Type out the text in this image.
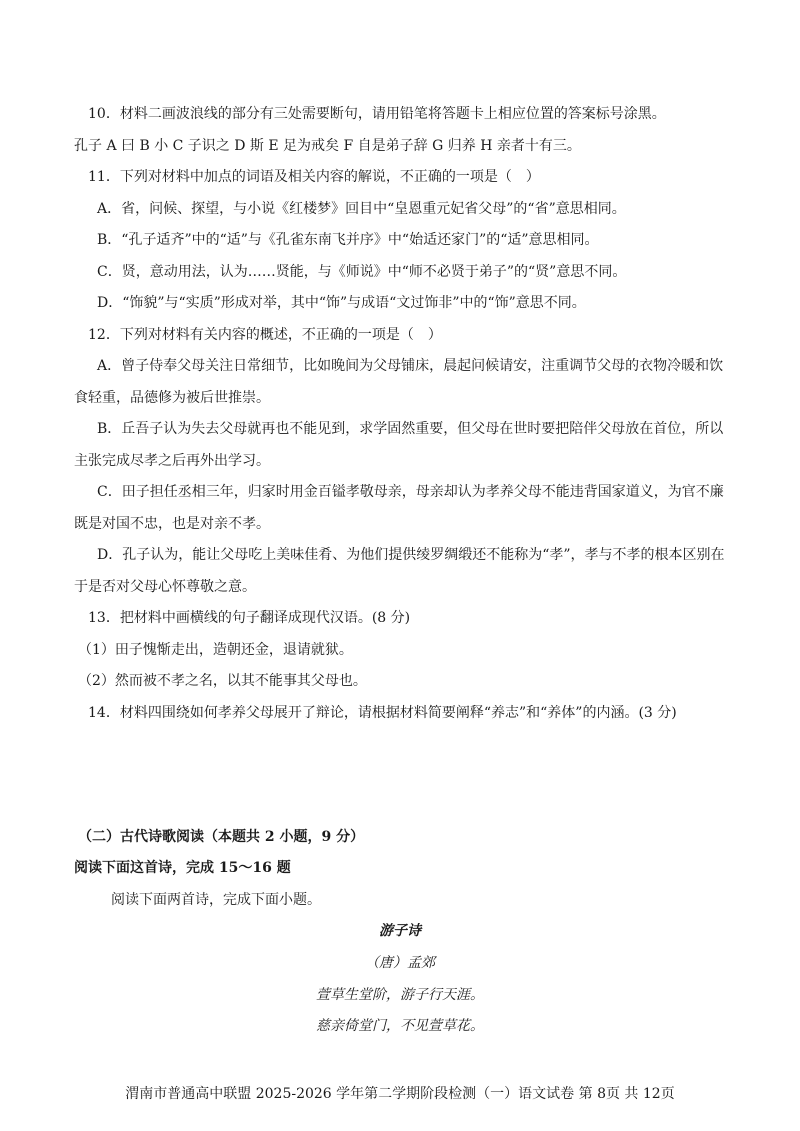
10．材料二画波浪线的部分有三处需要断句，请用铅笔将答题卡上相应位置的答案标号涂黑。
孔子 A 曰 B 小 C 子识之 D 斯 E 足为戒矣 F 自是弟子辞 G 归养 H 亲者十有三。
11．下列对材料中加点的词语及相关内容的解说，不正确的一项是（　）
A．省，问候、探望，与小说《红楼梦》回目中“皇恩重元妃省父母”的“省”意思相同。
B．“孔子适齐”中的“适”与《孔雀东南飞并序》中“始适还家门”的“适”意思相同。
C．贤，意动用法，认为……贤能，与《师说》中“师不必贤于弟子”的“贤”意思不同。
D．“饰貌”与“实质”形成对举，其中“饰”与成语“文过饰非”中的“饰”意思不同。
12．下列对材料有关内容的概述，不正确的一项是（　）
A．曾子侍奉父母关注日常细节，比如晚间为父母铺床，晨起问候请安，注重调节父母的衣物冷暖和饮
食轻重，品德修为被后世推崇。
B．丘吾子认为失去父母就再也不能见到，求学固然重要，但父母在世时要把陪伴父母放在首位，所以
主张完成尽孝之后再外出学习。
C．田子担任丞相三年，归家时用金百镒孝敬母亲，母亲却认为孝养父母不能违背国家道义，为官不廉
既是对国不忠，也是对亲不孝。
D．孔子认为，能让父母吃上美味佳肴、为他们提供绫罗绸缎还不能称为“孝”，孝与不孝的根本区别在
于是否对父母心怀尊敬之意。
13．把材料中画横线的句子翻译成现代汉语。(8 分)
（1）田子愧惭走出，造朝还金，退请就狱。
（2）然而被不孝之名，以其不能事其父母也。
14．材料四围绕如何孝养父母展开了辩论，请根据材料简要阐释“养志”和“养体”的内涵。(3 分)
（二）古代诗歌阅读（本题共 2 小题，9 分）
阅读下面这首诗，完成 15～16 题
阅读下面两首诗，完成下面小题。
游子诗
（唐）孟郊
萱草生堂阶，游子行天涯。
慈亲倚堂门，不见萱草花。
渭南市普通高中联盟 2025-2026 学年第二学期阶段检测（一）语文试卷 第 8页 共 12页
